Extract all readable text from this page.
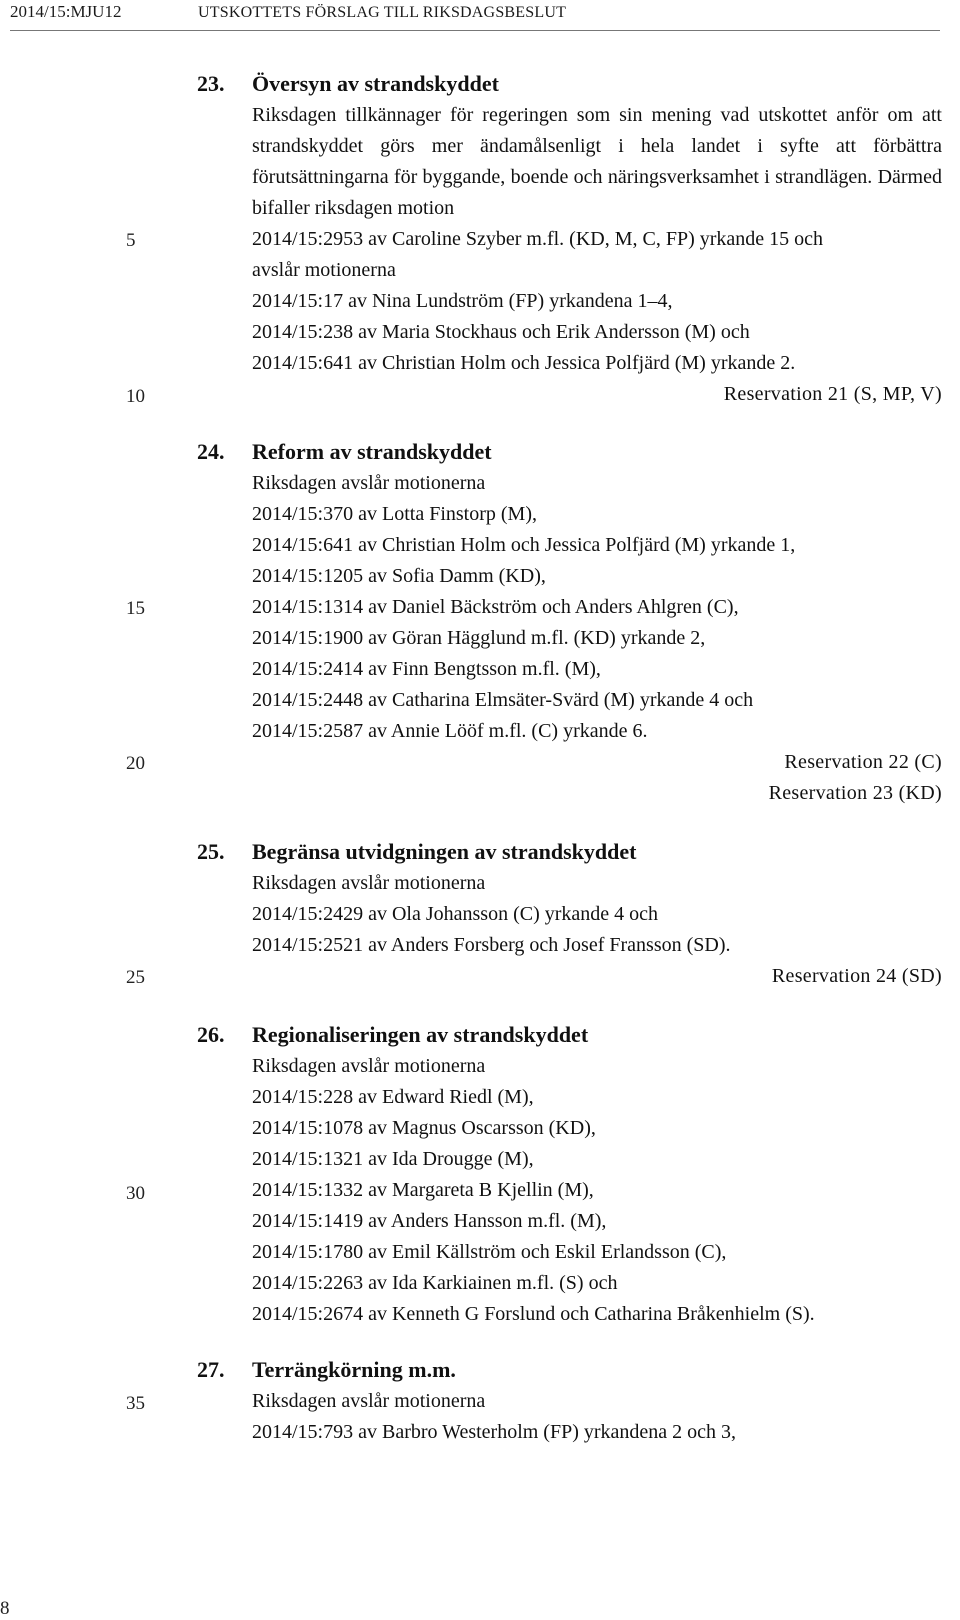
2014/15:MJU12	UTSKOTTETS FÖRSLAG TILL RIKSDAGSBESLUT
5
10
15
20
25
30
35
23. Översyn av strandskyddet

Riksdagen tillkännager för regeringen som sin mening vad utskottet anför om att strandskyddet görs mer ändamålsenligt i hela landet i syfte att förbättra förutsättningarna för byggande, boende och näringsverksamhet i strandlägen. Därmed bifaller riksdagen motion

2014/15:2953 av Caroline Szyber m.fl. (KD, M, C, FP) yrkande 15 och

avslår motionerna

2014/15:17 av Nina Lundström (FP) yrkandena 1–4,

2014/15:238 av Maria Stockhaus och Erik Andersson (M) och

2014/15:641 av Christian Holm och Jessica Polfjärd (M) yrkande 2.

Reservation 21 (S, MP, V)

24. Reform av strandskyddet

Riksdagen avslår motionerna

2014/15:370 av Lotta Finstorp (M),

2014/15:641 av Christian Holm och Jessica Polfjärd (M) yrkande 1,

2014/15:1205 av Sofia Damm (KD),

2014/15:1314 av Daniel Bäckström och Anders Ahlgren (C),

2014/15:1900 av Göran Hägglund m.fl. (KD) yrkande 2,

2014/15:2414 av Finn Bengtsson m.fl. (M),

2014/15:2448 av Catharina Elmsäter-Svärd (M) yrkande 4 och

2014/15:2587 av Annie Lööf m.fl. (C) yrkande 6.

Reservation 22 (C)

Reservation 23 (KD)

25. Begränsa utvidgningen av strandskyddet

Riksdagen avslår motionerna

2014/15:2429 av Ola Johansson (C) yrkande 4 och

2014/15:2521 av Anders Forsberg och Josef Fransson (SD).

Reservation 24 (SD)

26. Regionaliseringen av strandskyddet

Riksdagen avslår motionerna

2014/15:228 av Edward Riedl (M),

2014/15:1078 av Magnus Oscarsson (KD),

2014/15:1321 av Ida Drougge (M),

2014/15:1332 av Margareta B Kjellin (M),

2014/15:1419 av Anders Hansson m.fl. (M),

2014/15:1780 av Emil Källström och Eskil Erlandsson (C),

2014/15:2263 av Ida Karkiainen m.fl. (S) och

2014/15:2674 av Kenneth G Forslund och Catharina Bråkenhielm (S).

27. Terrängkörning m.m.

Riksdagen avslår motionerna

2014/15:793 av Barbro Westerholm (FP) yrkandena 2 och 3,

8
